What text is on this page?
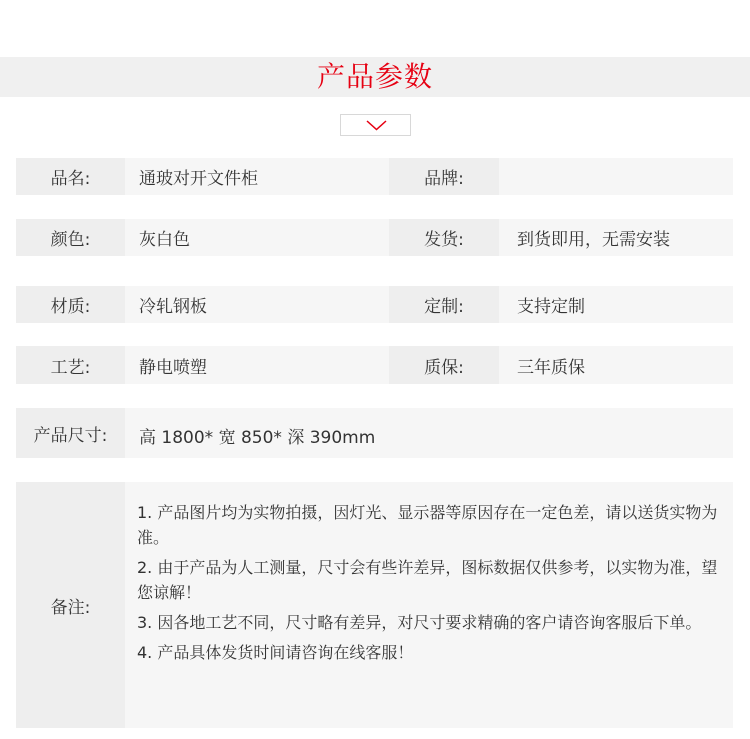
产品参数
品名:	通玻对开文件柜	品牌:
颜色:	灰白色	发货:	到货即用，无需安装
材质:	冷轧钢板	定制:	支持定制
工艺:	静电喷塑	质保:	三年质保
产品尺寸:	高 1800* 宽 850* 深 390mm
备注:

1. 产品图片均为实物拍摄，因灯光、显示器等原因存在一定色差，请以送货实物为准。

2. 由于产品为人工测量，尺寸会有些许差异，图标数据仅供参考，以实物为准，望您谅解！

3. 因各地工艺不同，尺寸略有差异，对尺寸要求精确的客户请咨询客服后下单。

4. 产品具体发货时间请咨询在线客服！
